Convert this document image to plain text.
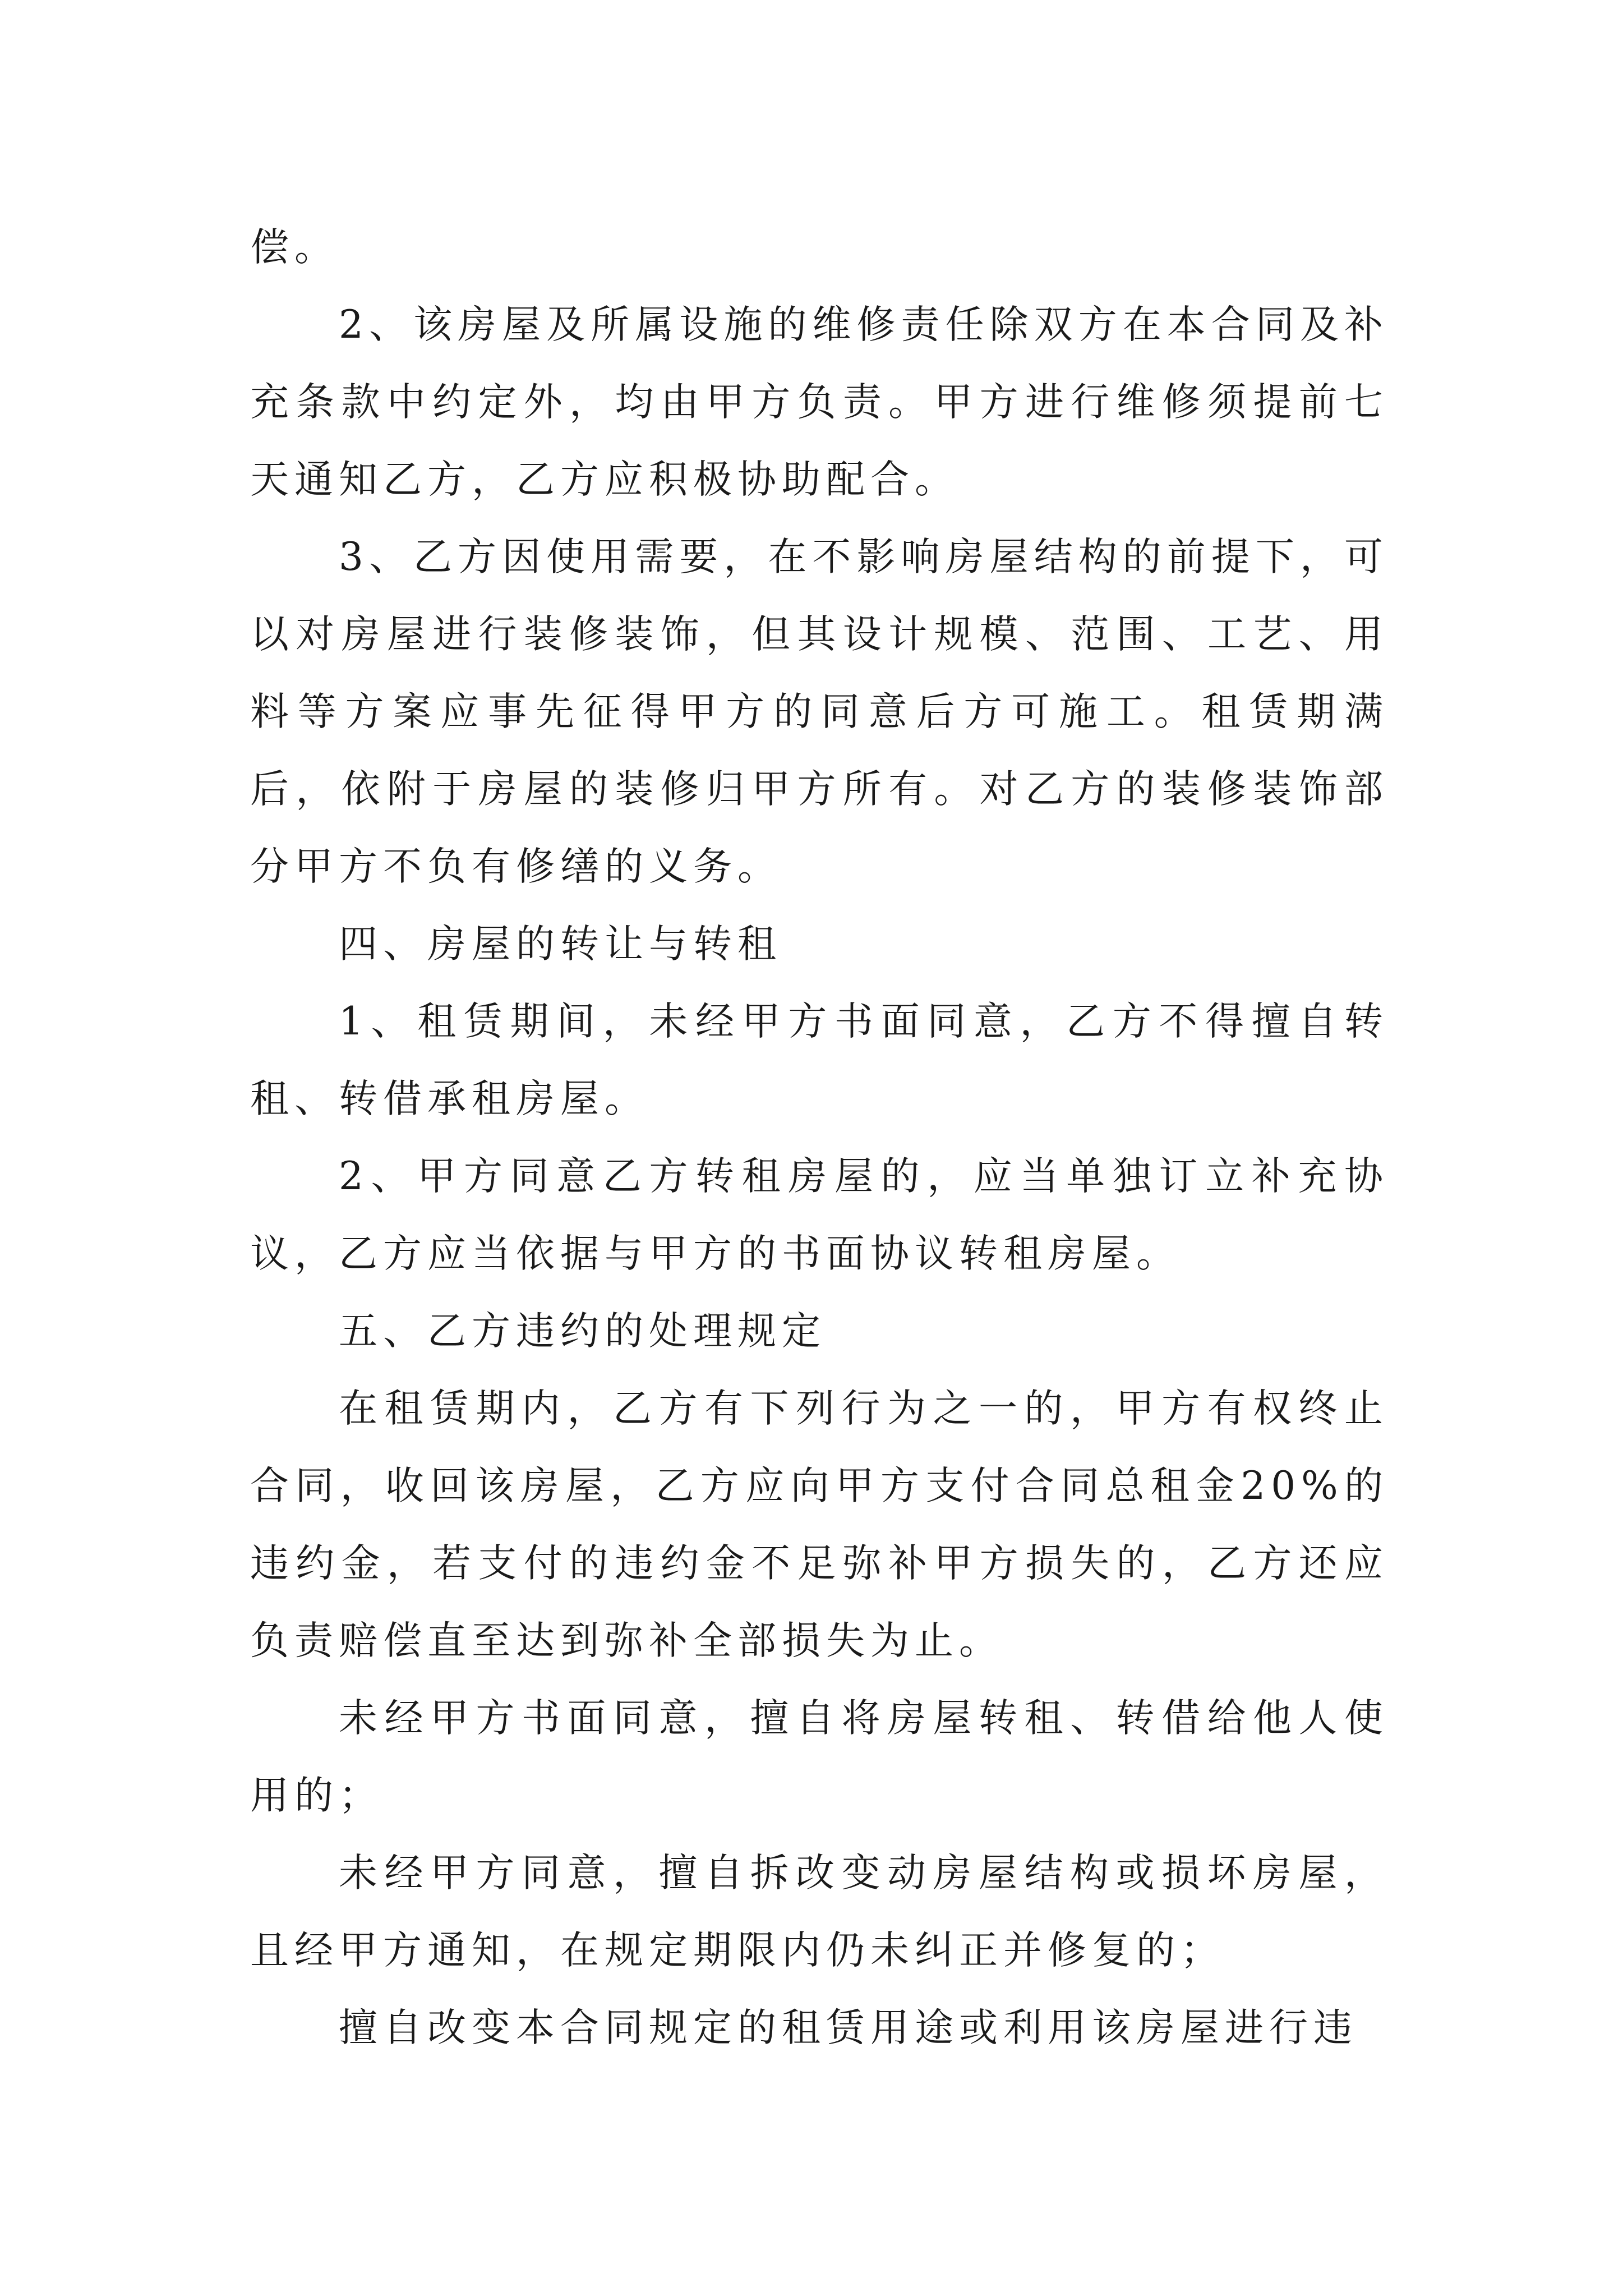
偿。

2、该房屋及所属设施的维修责任除双方在本合同及补充条款中约定外，均由甲方负责。甲方进行维修须提前七天通知乙方，乙方应积极协助配合。

3、乙方因使用需要，在不影响房屋结构的前提下，可以对房屋进行装修装饰，但其设计规模、范围、工艺、用料等方案应事先征得甲方的同意后方可施工。租赁期满后，依附于房屋的装修归甲方所有。对乙方的装修装饰部分甲方不负有修缮的义务。

四、房屋的转让与转租

1、租赁期间，未经甲方书面同意，乙方不得擅自转租、转借承租房屋。

2、甲方同意乙方转租房屋的，应当单独订立补充协议，乙方应当依据与甲方的书面协议转租房屋。

五、乙方违约的处理规定

在租赁期内，乙方有下列行为之一的，甲方有权终止合同，收回该房屋，乙方应向甲方支付合同总租金20%的违约金，若支付的违约金不足弥补甲方损失的，乙方还应负责赔偿直至达到弥补全部损失为止。

未经甲方书面同意，擅自将房屋转租、转借给他人使用的；

未经甲方同意，擅自拆改变动房屋结构或损坏房屋，且经甲方通知，在规定期限内仍未纠正并修复的；

擅自改变本合同规定的租赁用途或利用该房屋进行违
